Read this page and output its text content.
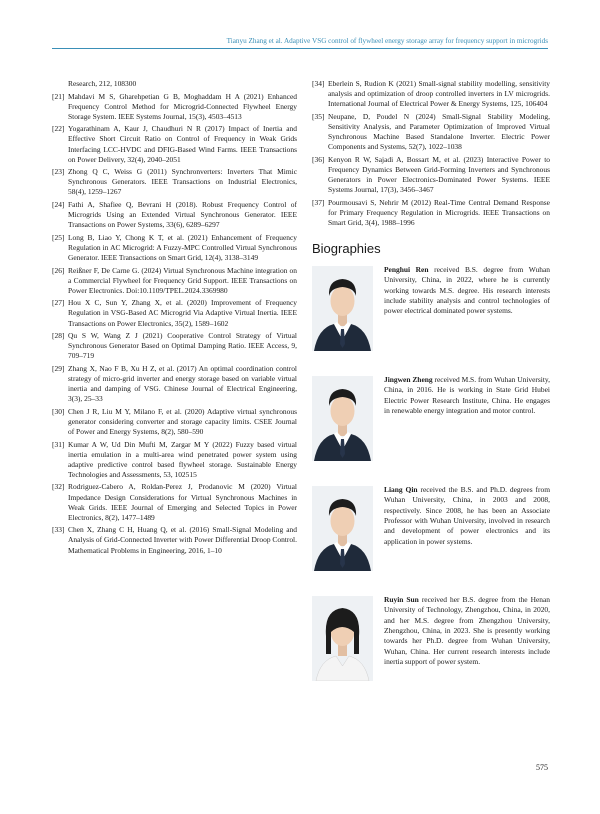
Tianyu Zhang et al. Adaptive VSG control of flywheel energy storage array for frequency support in microgrids
Research, 212, 108300
[21] Mahdavi M S, Gharehpetian G B, Moghaddam H A (2021) Enhanced Frequency Control Method for Microgrid-Connected Flywheel Energy Storage System. IEEE Systems Journal, 15(3), 4503–4513
[22] Yogarathinam A, Kaur J, Chaudhuri N R (2017) Impact of Inertia and Effective Short Circuit Ratio on Control of Frequency in Weak Grids Interfacing LCC-HVDC and DFIG-Based Wind Farms. IEEE Transactions on Power Delivery, 32(4), 2040–2051
[23] Zhong Q C, Weiss G (2011) Synchronverters: Inverters That Mimic Synchronous Generators. IEEE Transactions on Industrial Electronics, 58(4), 1259–1267
[24] Fathi A, Shafiee Q, Bevrani H (2018). Robust Frequency Control of Microgrids Using an Extended Virtual Synchronous Generator. IEEE Transactions on Power Systems, 33(6), 6289–6297
[25] Long B, Liao Y, Chong K T, et al. (2021) Enhancement of Frequency Regulation in AC Microgrid: A Fuzzy-MPC Controlled Virtual Synchronous Generator. IEEE Transactions on Smart Grid, 12(4), 3138–3149
[26] Reißner F, De Carne G. (2024) Virtual Synchronous Machine integration on a Commercial Flywheel for Frequency Grid Support. IEEE Transactions on Power Electronics. Doi:10.1109/TPEL.2024.3369980
[27] Hou X C, Sun Y, Zhang X, et al. (2020) Improvement of Frequency Regulation in VSG-Based AC Microgrid Via Adaptive Virtual Inertia. IEEE Transactions on Power Electronics, 35(2), 1589–1602
[28] Qu S W, Wang Z J (2021) Cooperative Control Strategy of Virtual Synchronous Generator Based on Optimal Damping Ratio. IEEE Access, 9, 709–719
[29] Zhang X, Nao F B, Xu H Z, et al. (2017) An optimal coordination control strategy of micro-grid inverter and energy storage based on variable virtual inertia and damping of VSG. Chinese Journal of Electrical Engineering, 3(3), 25–33
[30] Chen J R, Liu M Y, Milano F, et al. (2020) Adaptive virtual synchronous generator considering converter and storage capacity limits. CSEE Journal of Power and Energy Systems, 8(2), 580–590
[31] Kumar A W, Ud Din Mufti M, Zargar M Y (2022) Fuzzy based virtual inertia emulation in a multi-area wind penetrated power system using adaptive predictive control based flywheel storage. Sustainable Energy Technologies and Assessments, 53, 102515
[32] Rodriguez-Cabero A, Roldan-Perez J, Prodanovic M (2020) Virtual Impedance Design Considerations for Virtual Synchronous Machines in Weak Grids. IEEE Journal of Emerging and Selected Topics in Power Electronics, 8(2), 1477–1489
[33] Chen X, Zhang C H, Huang Q, et al. (2016) Small-Signal Modeling and Analysis of Grid-Connected Inverter with Power Differential Droop Control. Mathematical Problems in Engineering, 2016, 1–10
[34] Eberlein S, Rudion K (2021) Small-signal stability modelling, sensitivity analysis and optimization of droop controlled inverters in LV microgrids. International Journal of Electrical Power & Energy Systems, 125, 106404
[35] Neupane, D, Poudel N (2024) Small-Signal Stability Modeling, Sensitivity Analysis, and Parameter Optimization of Improved Virtual Synchronous Machine Based Standalone Inverter. Electric Power Components and Systems, 52(7), 1022–1038
[36] Kenyon R W, Sajadi A, Bossart M, et al. (2023) Interactive Power to Frequency Dynamics Between Grid-Forming Inverters and Synchronous Generators in Power Electronics-Dominated Power Systems. IEEE Systems Journal, 17(3), 3456–3467
[37] Pourmousavi S, Nehrir M (2012) Real-Time Central Demand Response for Primary Frequency Regulation in Microgrids. IEEE Transactions on Smart Grid, 3(4), 1988–1996
Biographies
Penghui Ren received B.S. degree from Wuhan University, China, in 2022, where he is currently working towards M.S. degree. His research interests include stability analysis and control technologies of power electrical dominated power systems.
Jingwen Zheng received M.S. from Wuhan University, China, in 2016. He is working in State Grid Hubei Electric Power Research Institute, China. He engages in renewable energy integration and motor control.
Liang Qin received the B.S. and Ph.D. degrees from Wuhan University, China, in 2003 and 2008, respectively. Since 2008, he has been an Associate Professor with Wuhan University, involved in research and development of power electronics and its application in power systems.
Ruyin Sun received her B.S. degree from the Henan University of Technology, Zhengzhou, China, in 2020, and her M.S. degree from Zhengzhou University, Zhengzhou, China, in 2023. She is presently working towards her Ph.D. degree from Wuhan University, Wuhan, China. Her current research interests include inertia support of power system.
575
